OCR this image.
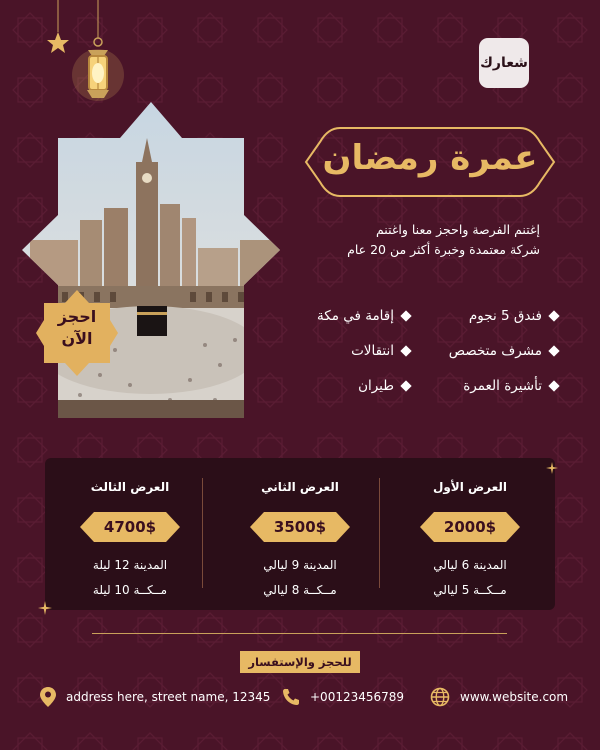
شعارك
احجز
الآن
عمرة رمضان
إغتنم الفرصة واحجز معنا واغتنم
شركة معتمدة وخبرة أكثر من 20 عام
فندق 5 نجوم
إقامة في مكة
مشرف متخصص
انتقالات
تأشيرة العمرة
طيران
العرض الأول
2000$
المدينة 6 ليالي
مــكــة 5 ليالي
العرض الثاني
3500$
المدينة 9 ليالي
مــكــة 8 ليالي
العرض الثالث
4700$
المدينة 12 ليلة
مــكــة 10 ليلة
للحجز والإستفسار
address here, street name, 12345	+00123456789	www.website.com
